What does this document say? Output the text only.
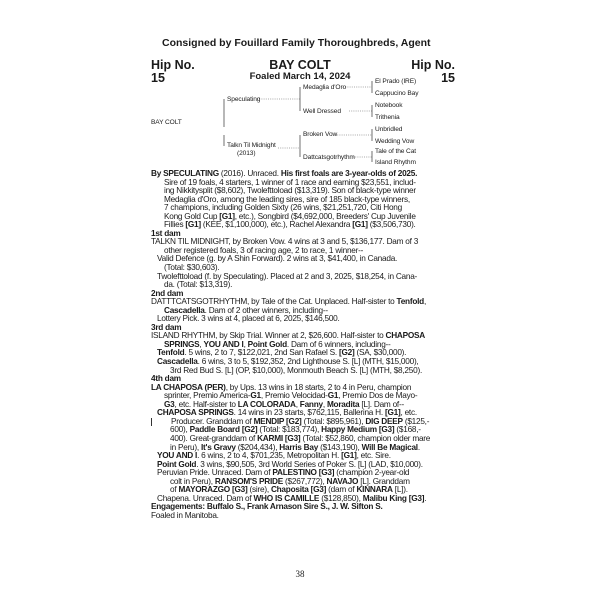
Consigned by Fouillard Family Thoroughbreds, Agent
Hip No.
15
Hip No.
15
BAY COLT
Foaled March 14, 2024
BAY COLT
Speculating
Talkn Til Midnight
(2013)
Medaglia d'Oro
Well Dressed
Broken Vow
Dattcatsgotrhythm
El Prado (IRE)
Cappucino Bay
Notebook
Trithenia
Unbridled
Wedding Vow
Tale of the Cat
Island Rhythm
By SPECULATING (2016). Unraced. His first foals are 3-year-olds of 2025.
Sire of 19 foals, 4 starters, 1 winner of 1 race and earning $23,551, includ-
ing Nikkitysplit ($8,602), Twolefttoload ($13,319). Son of black-type winner
Medaglia d'Oro, among the leading sires, sire of 185 black-type winners,
7 champions, including Golden Sixty (26 wins, $21,251,720, Citi Hong
Kong Gold Cup [G1], etc.), Songbird ($4,692,000, Breeders' Cup Juvenile
Fillies [G1] (KEE, $1,100,000), etc.), Rachel Alexandra [G1] ($3,506,730).
1st dam
TALKN TIL MIDNIGHT, by Broken Vow. 4 wins at 3 and 5, $136,177. Dam of 3
other registered foals, 3 of racing age, 2 to race, 1 winner--
Valid Defence (g. by A Shin Forward). 2 wins at 3, $41,400, in Canada.
(Total: $30,603).
Twolefttoload (f. by Speculating). Placed at 2 and 3, 2025, $18,254, in Cana-
da. (Total: $13,319).
2nd dam
DATTTCATSGOTRHYTHM, by Tale of the Cat. Unplaced. Half-sister to Tenfold,
Cascadella. Dam of 2 other winners, including--
Lottery Pick. 3 wins at 4, placed at 6, 2025, $146,500.
3rd dam
ISLAND RHYTHM, by Skip Trial. Winner at 2, $26,600. Half-sister to CHAPOSA
SPRINGS, YOU AND I, Point Gold. Dam of 6 winners, including--
Tenfold. 5 wins, 2 to 7, $122,021, 2nd San Rafael S. [G2] (SA, $30,000).
Cascadella. 6 wins, 3 to 5, $192,352, 2nd Lighthouse S. [L] (MTH, $15,000),
3rd Red Bud S. [L] (OP, $10,000), Monmouth Beach S. [L] (MTH, $8,250).
4th dam
LA CHAPOSA (PER), by Ups. 13 wins in 18 starts, 2 to 4 in Peru, champion
sprinter, Premio America-G1, Premio Velocidad-G1, Premio Dos de Mayo-
G3, etc. Half-sister to LA COLORADA, Fanny, Moradita [L]. Dam of--
CHAPOSA SPRINGS. 14 wins in 23 starts, $762,115, Ballerina H. [G1], etc.
Producer. Granddam of MENDIP [G2] (Total: $895,961), DIG DEEP ($125,-
600), Paddle Board [G2] (Total: $183,774), Happy Medium [G3] ($168,-
400). Great-granddam of KARMI [G3] (Total: $52,860, champion older mare
in Peru), It's Gravy ($204,434), Harris Bay ($143,190), Will Be Magical.
YOU AND I. 6 wins, 2 to 4, $701,235, Metropolitan H. [G1], etc. Sire.
Point Gold. 3 wins, $90,505, 3rd World Series of Poker S. [L] (LAD, $10,000).
Peruvian Pride. Unraced. Dam of PALESTINO [G3] (champion 2-year-old
colt in Peru), RANSOM'S PRIDE ($267,772), NAVAJO [L]. Granddam
of MAYORAZGO [G3] (sire), Chaposita [G3] (dam of KINNARA [L]).
Chapena. Unraced. Dam of WHO IS CAMILLE ($128,850), Malibu King [G3].
Engagements: Buffalo S., Frank Arnason Sire S., J. W. Sifton S.
Foaled in Manitoba.
38
